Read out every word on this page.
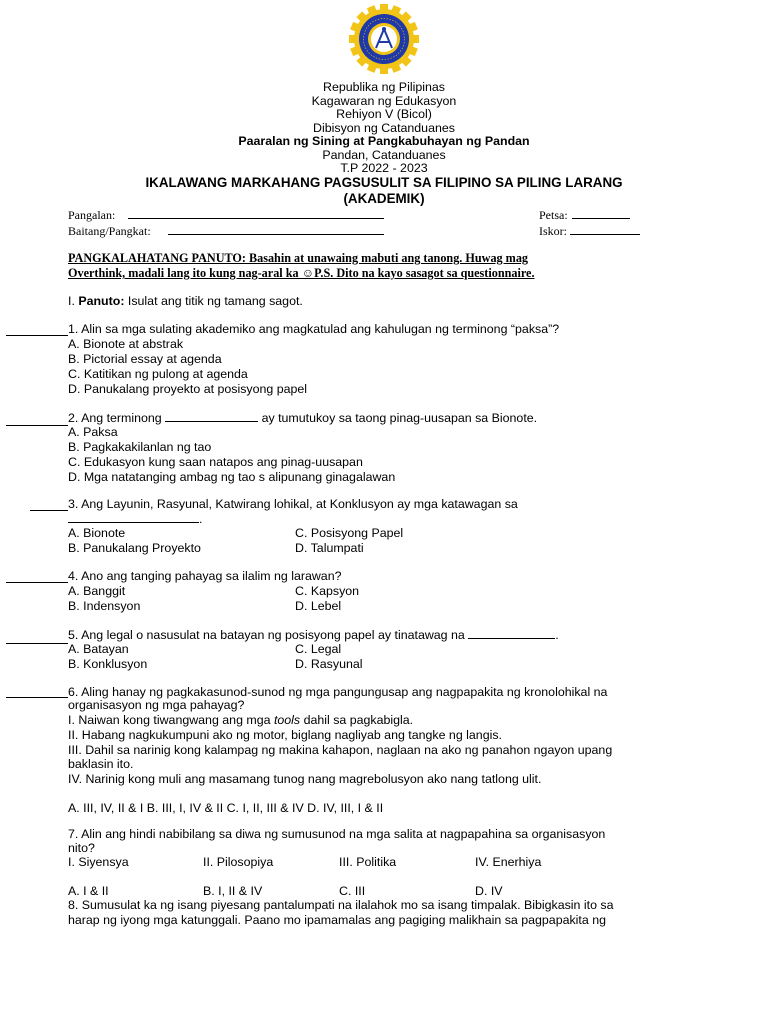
Republika ng Pilipinas
Kagawaran ng Edukasyon
Rehiyon V (Bicol)
Dibisyon ng Catanduanes
Paaralan ng Sining at Pangkabuhayan ng Pandan
Pandan, Catanduanes
T.P 2022 - 2023
IKALAWANG MARKAHANG PAGSUSULIT SA FILIPINO SA PILING LARANG
(AKADEMIK)
Pangalan:	Petsa:
Baitang/Pangkat:	Iskor:
PANGKALAHATANG PANUTO: Basahin at unawaing mabuti ang tanong. Huwag mag
Overthink, madali lang ito kung nag-aral ka ☺P.S. Dito na kayo sasagot sa questionnaire.
I. Panuto: Isulat ang titik ng tamang sagot.
1. Alin sa mga sulating akademiko ang magkatulad ang kahulugan ng terminong “paksa”?
A. Bionote at abstrak
B. Pictorial essay at agenda
C. Katitikan ng pulong at agenda
D. Panukalang proyekto at posisyong papel
2. Ang terminong	ay tumutukoy sa taong pinag-uusapan sa Bionote.
A. Paksa
B. Pagkakakilanlan ng tao
C. Edukasyon kung saan natapos ang pinag-uusapan
D. Mga natatanging ambag ng tao s alipunang ginagalawan
3. Ang Layunin, Rasyunal, Katwirang lohikal, at Konklusyon ay mga katawagan sa
.
A. Bionote	C. Posisyong Papel
B. Panukalang Proyekto	D. Talumpati
4. Ano ang tanging pahayag sa ilalim ng larawan?
A. Banggit	C. Kapsyon
B. Indensyon	D. Lebel
5. Ang legal o nasusulat na batayan ng posisyong papel ay tinatawag na	.
A. Batayan	C. Legal
B. Konklusyon	D. Rasyunal
6. Aling hanay ng pagkakasunod-sunod ng mga pangungusap ang nagpapakita ng kronolohikal na
organisasyon ng mga pahayag?
I. Naiwan kong tiwangwang ang mga tools dahil sa pagkabigla.
II. Habang nagkukumpuni ako ng motor, biglang nagliyab ang tangke ng langis.
III. Dahil sa narinig kong kalampag ng makina kahapon, naglaan na ako ng panahon ngayon upang
baklasin ito.
IV. Narinig kong muli ang masamang tunog nang magrebolusyon ako nang tatlong ulit.
A. III, IV, II & I B. III, I, IV & II C. I, II, III & IV D. IV, III, I & II
7. Alin ang hindi nabibilang sa diwa ng sumusunod na mga salita at nagpapahina sa organisasyon
nito?
I. Siyensya	II. Pilosopiya	III. Politika	IV. Enerhiya
A. I & II	B. I, II & IV	C. III	D. IV
8. Sumusulat ka ng isang piyesang pantalumpati na ilalahok mo sa isang timpalak. Bibigkasin ito sa
harap ng iyong mga katunggali. Paano mo ipamamalas ang pagiging malikhain sa pagpapakita ng
